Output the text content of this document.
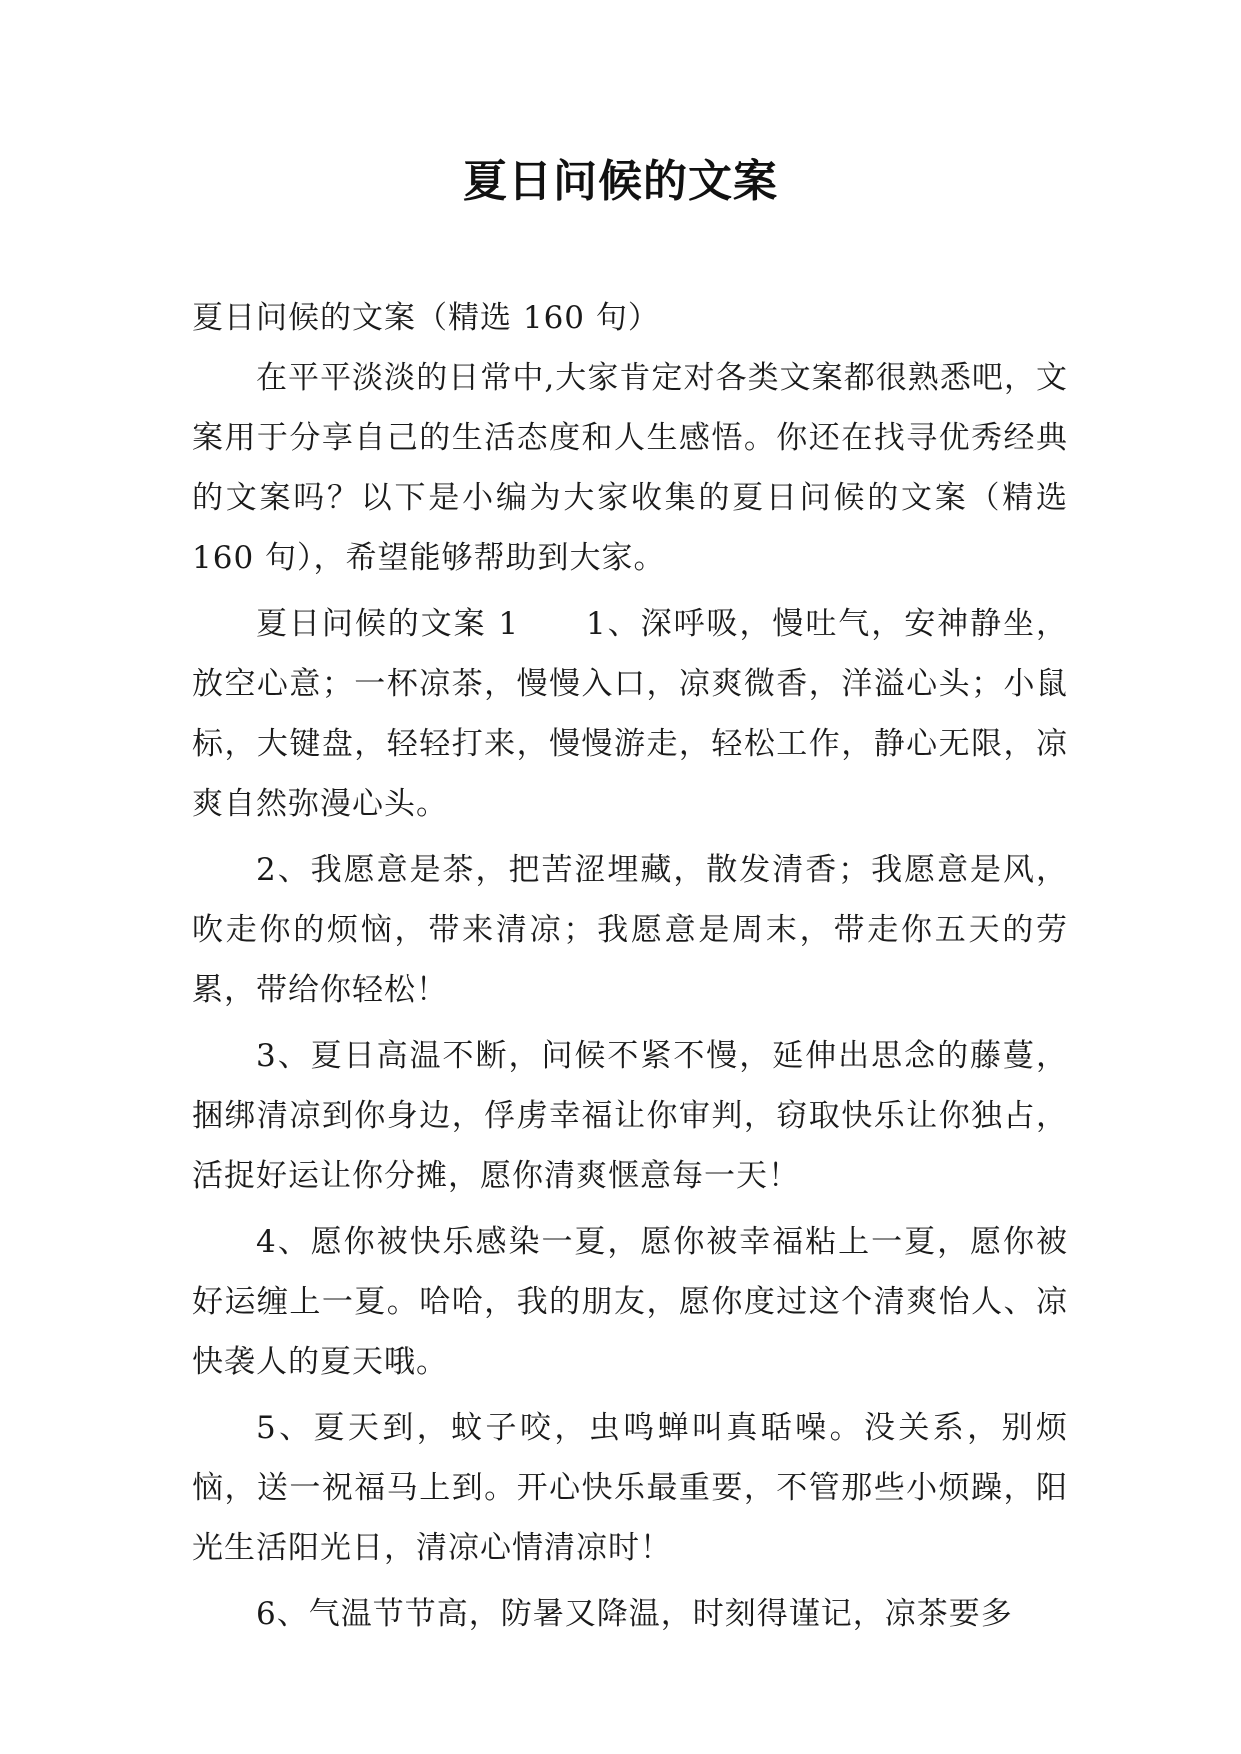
夏日问候的文案

夏日问候的文案（精选 160 句）

在平平淡淡的日常中,大家肯定对各类文案都很熟悉吧，文案用于分享自己的生活态度和人生感悟。你还在找寻优秀经典的文案吗？以下是小编为大家收集的夏日问候的文案（精选 160 句），希望能够帮助到大家。

夏日问候的文案 1　　1、深呼吸，慢吐气，安神静坐，放空心意；一杯凉茶，慢慢入口，凉爽微香，洋溢心头；小鼠标，大键盘，轻轻打来，慢慢游走，轻松工作，静心无限，凉爽自然弥漫心头。

2、我愿意是茶，把苦涩埋藏，散发清香；我愿意是风，吹走你的烦恼，带来清凉；我愿意是周末，带走你五天的劳累，带给你轻松！

3、夏日高温不断，问候不紧不慢，延伸出思念的藤蔓，捆绑清凉到你身边，俘虏幸福让你审判，窃取快乐让你独占，活捉好运让你分摊，愿你清爽惬意每一天！

4、愿你被快乐感染一夏，愿你被幸福粘上一夏，愿你被好运缠上一夏。哈哈，我的朋友，愿你度过这个清爽怡人、凉快袭人的夏天哦。

5、夏天到，蚊子咬，虫鸣蝉叫真聒噪。没关系，别烦恼，送一祝福马上到。开心快乐最重要，不管那些小烦躁，阳光生活阳光日，清凉心情清凉时！

6、气温节节高，防暑又降温，时刻得谨记，凉茶要多
